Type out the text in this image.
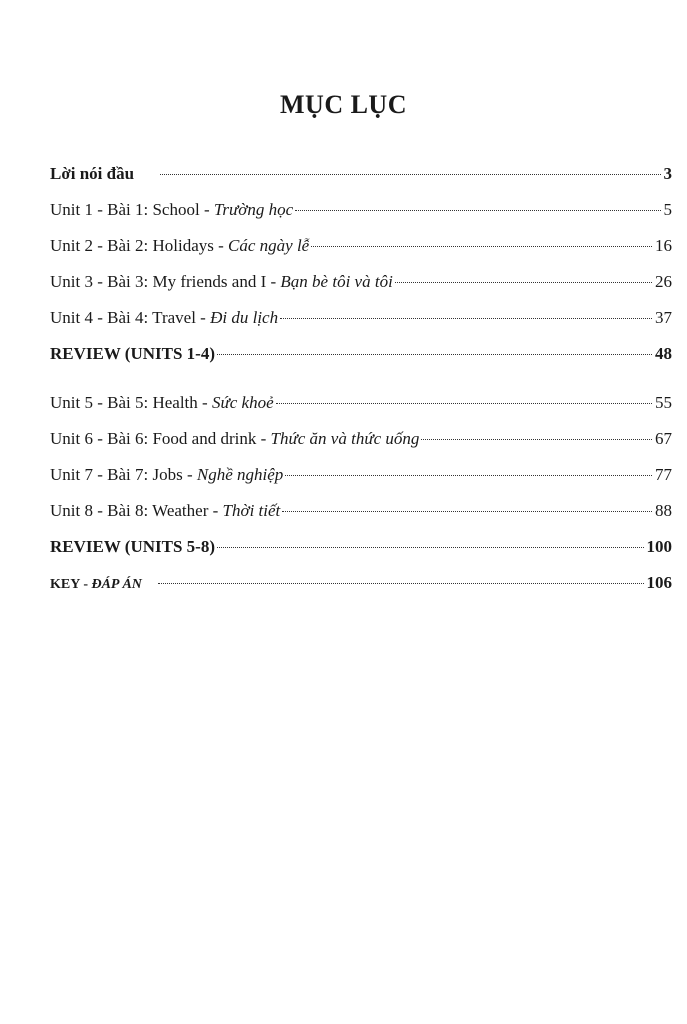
MỤC LỤC
Lời nói đầu	3
Unit 1 - Bài 1: School - Trường học	5
Unit 2 - Bài 2: Holidays - Các ngày lễ	16
Unit 3 - Bài 3: My friends and I - Bạn bè tôi và tôi	26
Unit 4 - Bài 4: Travel - Đi du lịch	37
REVIEW (UNITS 1-4)	48
Unit 5 - Bài 5: Health - Sức khoẻ	55
Unit 6 - Bài 6: Food and drink - Thức ăn và thức uống	67
Unit 7 - Bài 7: Jobs - Nghề nghiệp	77
Unit 8 - Bài 8: Weather - Thời tiết	88
REVIEW (UNITS 5-8)	100
KEY - ĐÁP ÁN	106
